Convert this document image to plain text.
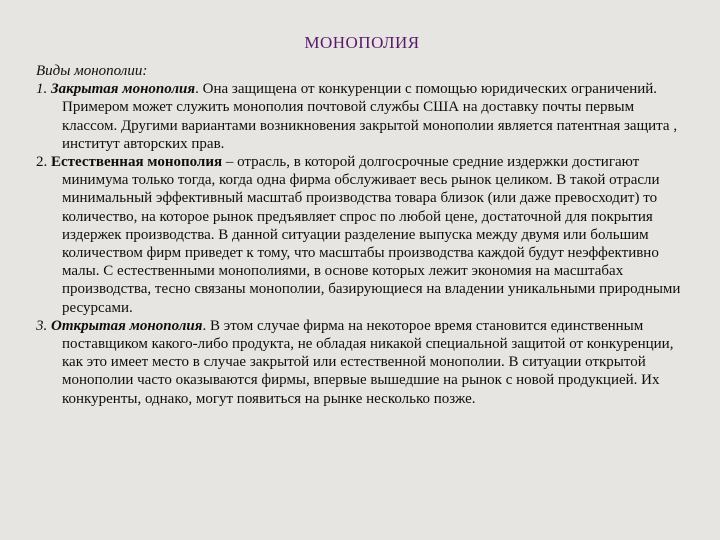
МОНОПОЛИЯ

Виды монополии:

1. Закрытая монополия. Она защищена от конкуренции с помощью юридических ограничений. Примером может служить монополия почтовой службы США на доставку почты первым классом. Другими вариантами возникновения закрытой монополии является патентная защита , институт авторских прав.

2. Естественная монополия – отрасль, в которой долгосрочные средние издержки достигают минимума только тогда, когда одна фирма обслуживает весь рынок целиком. В такой отрасли минимальный эффективный масштаб производства товара близок (или даже превосходит) то количество, на которое рынок предъявляет спрос по любой цене, достаточной для покрытия издержек производства. В данной ситуации разделение выпуска между двумя или большим количеством фирм приведет к тому, что масштабы производства каждой будут неэффективно малы. С естественными монополиями, в основе которых лежит экономия на масштабах производства, тесно связаны монополии, базирующиеся на владении уникальными природными ресурсами.

3. Открытая монополия. В этом случае фирма на некоторое время становится единственным поставщиком какого-либо продукта, не обладая никакой специальной защитой от конкуренции, как это имеет место в случае закрытой или естественной монополии. В ситуации открытой монополии часто оказываются фирмы, впервые вышедшие на рынок с новой продукцией. Их конкуренты, однако, могут появиться на рынке несколько позже.
